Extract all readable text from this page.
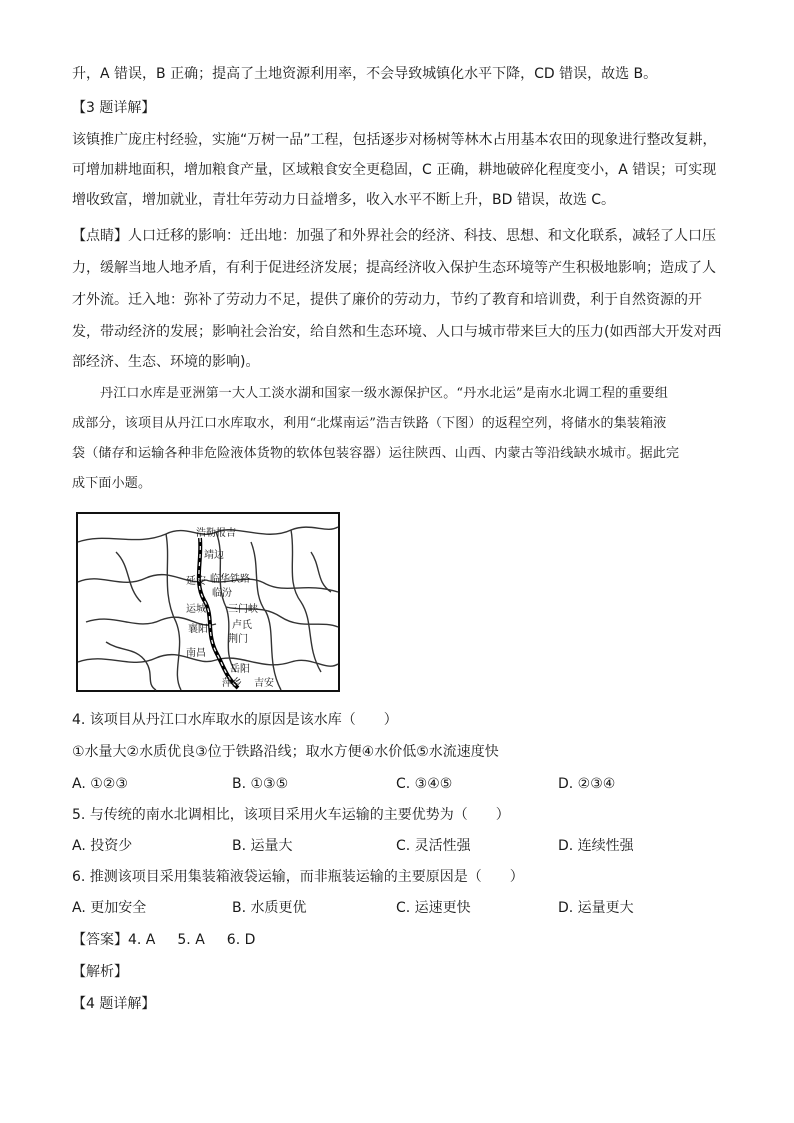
升，A 错误，B 正确；提高了土地资源利用率，不会导致城镇化水平下降，CD 错误，故选 B。
【3 题详解】
该镇推广庞庄村经验，实施“万树一品”工程，包括逐步对杨树等林木占用基本农田的现象进行整改复耕，
可增加耕地面积，增加粮食产量，区域粮食安全更稳固，C 正确，耕地破碎化程度变小，A 错误；可实现
增收致富，增加就业，青壮年劳动力日益增多，收入水平不断上升，BD 错误，故选 C。
【点睛】人口迁移的影响：迁出地：加强了和外界社会的经济、科技、思想、和文化联系，减轻了人口压
力，缓解当地人地矛盾，有利于促进经济发展；提高经济收入保护生态环境等产生积极地影响；造成了人
才外流。迁入地：弥补了劳动力不足，提供了廉价的劳动力，节约了教育和培训费，利于自然资源的开
发，带动经济的发展；影响社会治安，给自然和生态环境、人口与城市带来巨大的压力(如西部大开发对西
部经济、生态、环境的影响)。
丹江口水库是亚洲第一大人工淡水湖和国家一级水源保护区。“丹水北运”是南水北调工程的重要组
成部分，该项目从丹江口水库取水，利用“北煤南运”浩吉铁路（下图）的返程空列，将储水的集装箱液
袋（储存和运输各种非危险液体货物的软体包装容器）运往陕西、山西、内蒙古等沿线缺水城市。据此完
成下面小题。
浩勒报吉
靖边
延安 临华铁路
临汾
运城 三门峡
卢氏
荆门
襄阳
岳阳
吉安
萍乡
南昌
4. 该项目从丹江口水库取水的原因是该水库（　　）
①水量大②水质优良③位于铁路沿线；取水方便④水价低⑤水流速度快
A. ①②③	B. ①③⑤	C. ③④⑤	D. ②③④
5. 与传统的南水北调相比，该项目采用火车运输的主要优势为（　　）
A. 投资少	B. 运量大	C. 灵活性强	D. 连续性强
6. 推测该项目采用集装箱液袋运输，而非瓶装运输的主要原因是（　　）
A. 更加安全	B. 水质更优	C. 运速更快	D. 运量更大
【答案】4. A 5. A 6. D
【解析】
【4 题详解】
